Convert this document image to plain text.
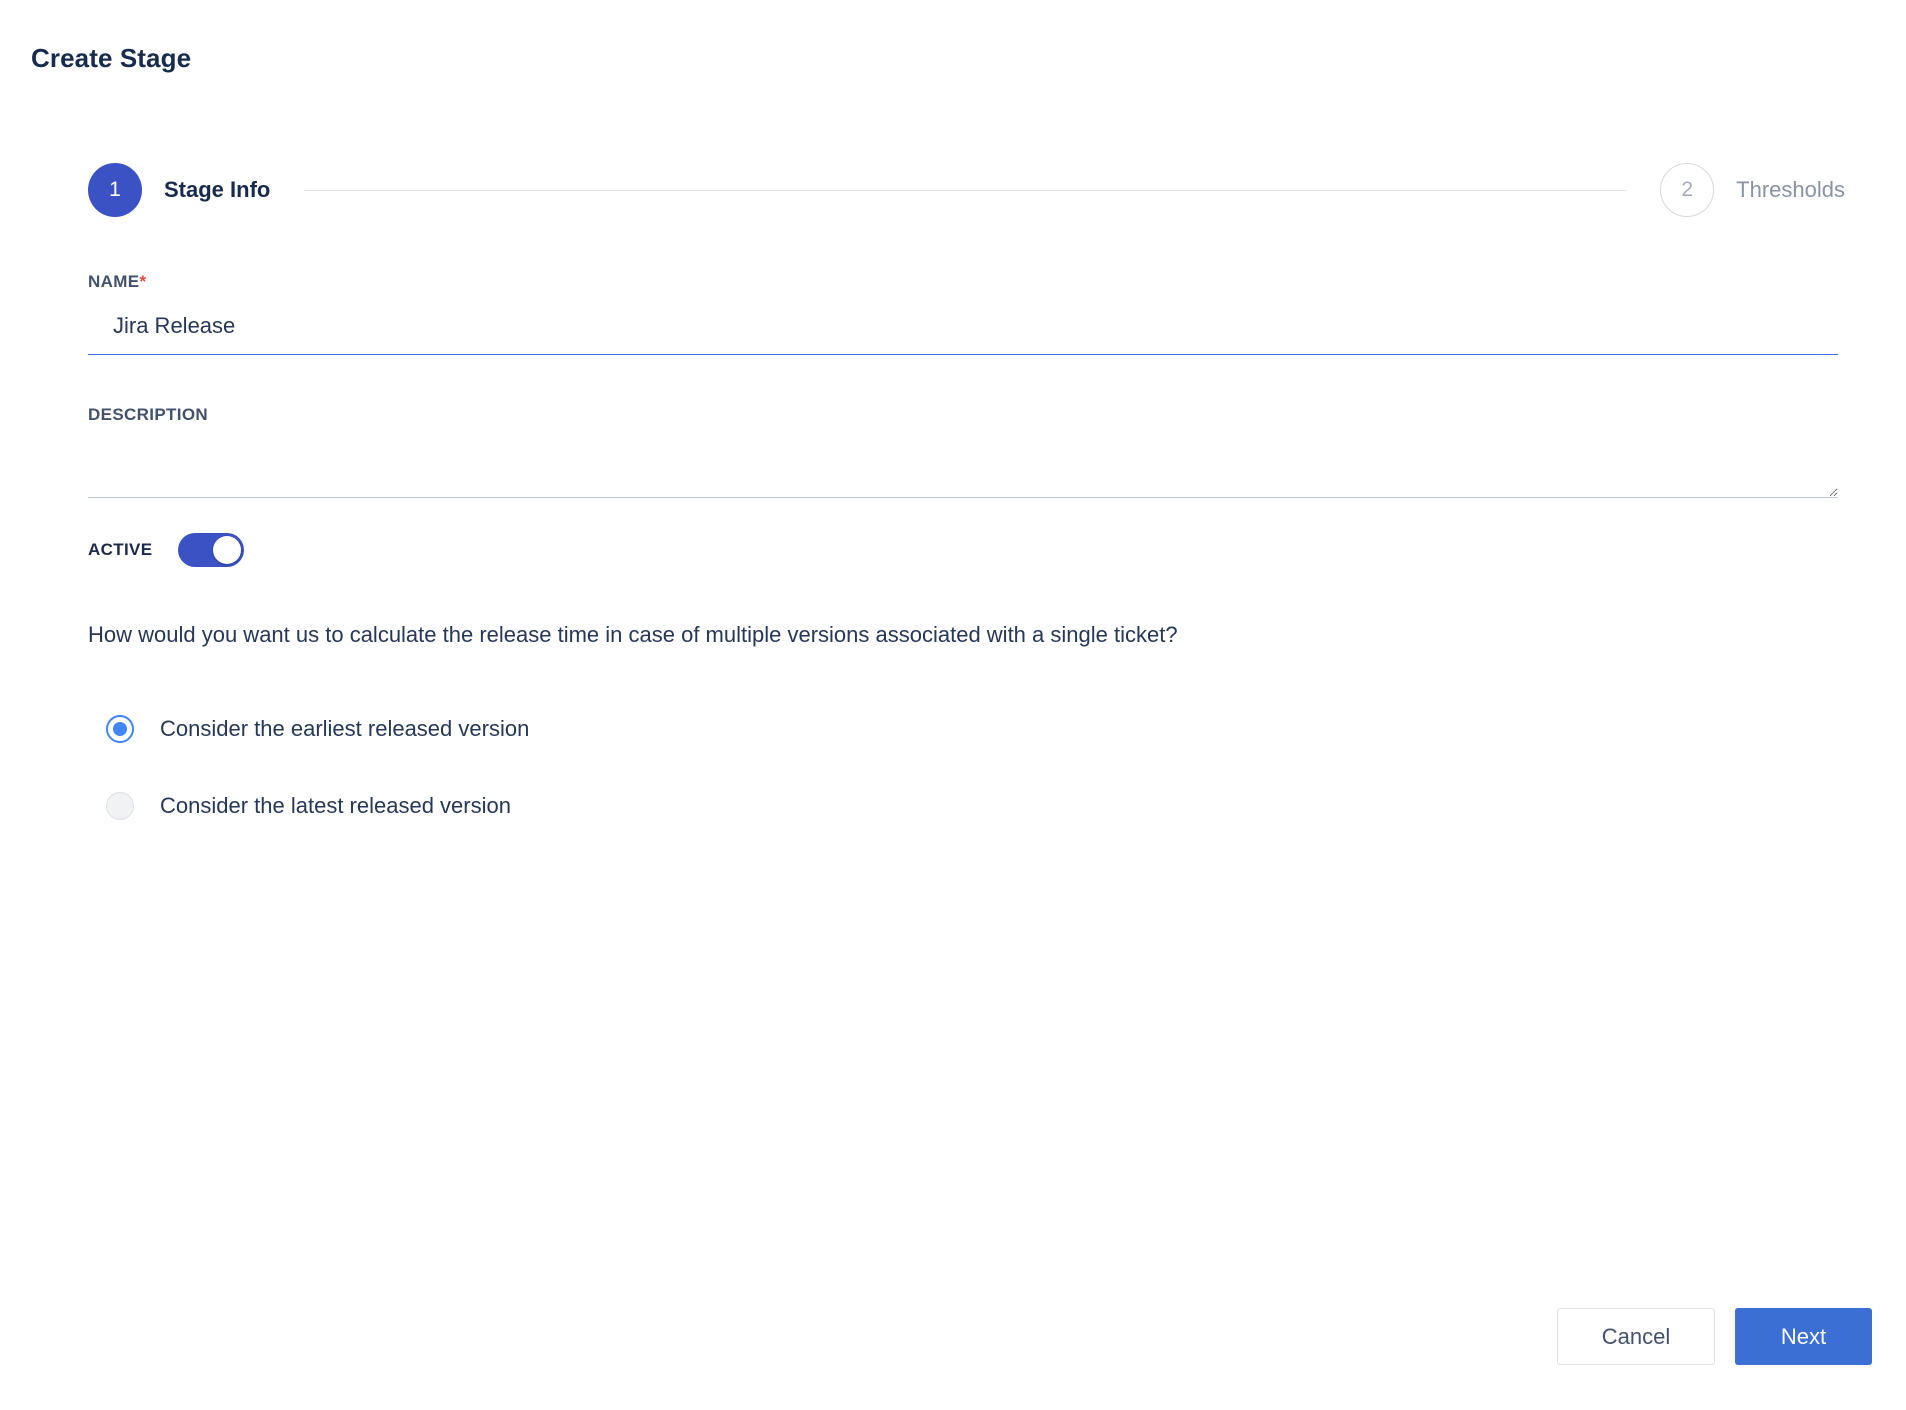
Create Stage
1	Stage Info	2	Thresholds
NAME*
Jira Release
DESCRIPTION
ACTIVE
How would you want us to calculate the release time in case of multiple versions associated with a single ticket?
Consider the earliest released version
Consider the latest released version
Cancel	Next
